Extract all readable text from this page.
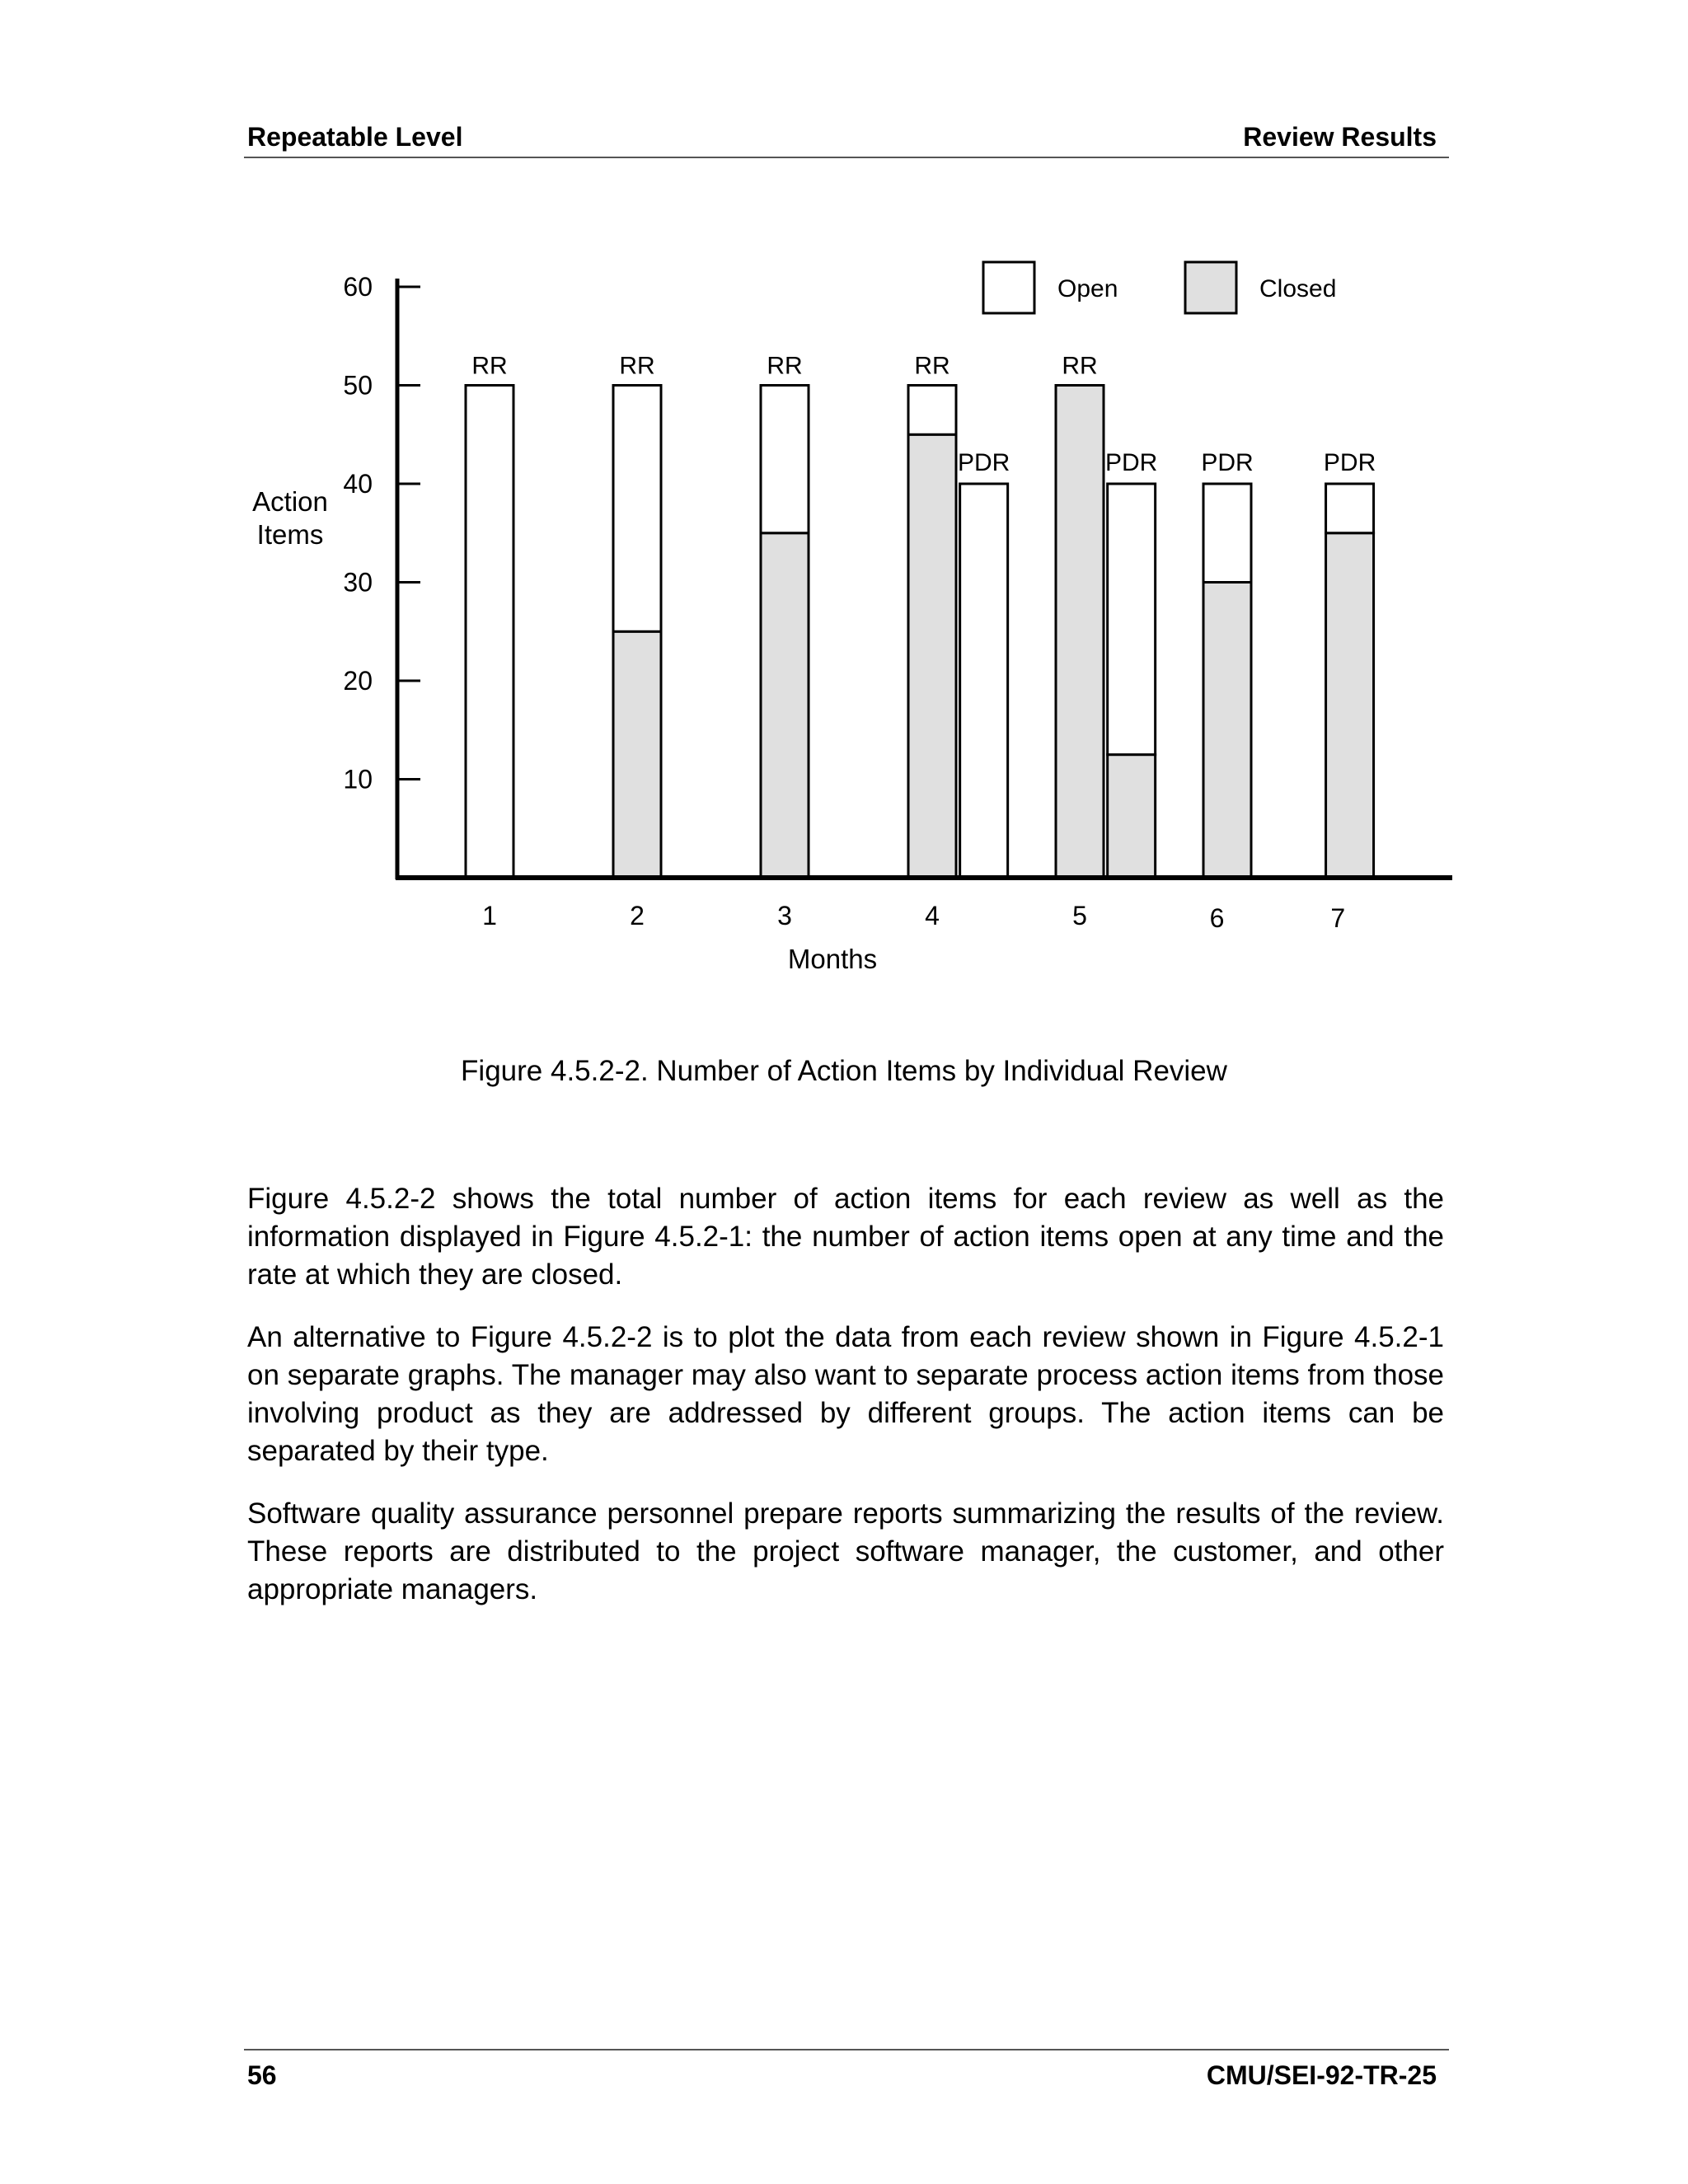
Repeatable Level	Review Results
RR	RR	RR	RR
PDR
RR
PDR PDR	PDR
10
20
30
40
50
60
Action
Items
1	2	3	4	5	6	7
Months
Open	Closed
Figure 4.5.2-2. Number of Action Items by Individual Review

Figure 4.5.2-2 shows the total number of action items for each review as well as the information displayed in Figure 4.5.2-1: the number of action items open at any time and the rate at which they are closed.

An alternative to Figure 4.5.2-2 is to plot the data from each review shown in Figure 4.5.2-1 on separate graphs. The manager may also want to separate process action items from those involving product as they are addressed by different groups. The action items can be separated by their type.

Software quality assurance personnel prepare reports summarizing the results of the review. These reports are distributed to the project software manager, the customer, and other appropriate managers.

56	CMU/SEI-92-TR-25
